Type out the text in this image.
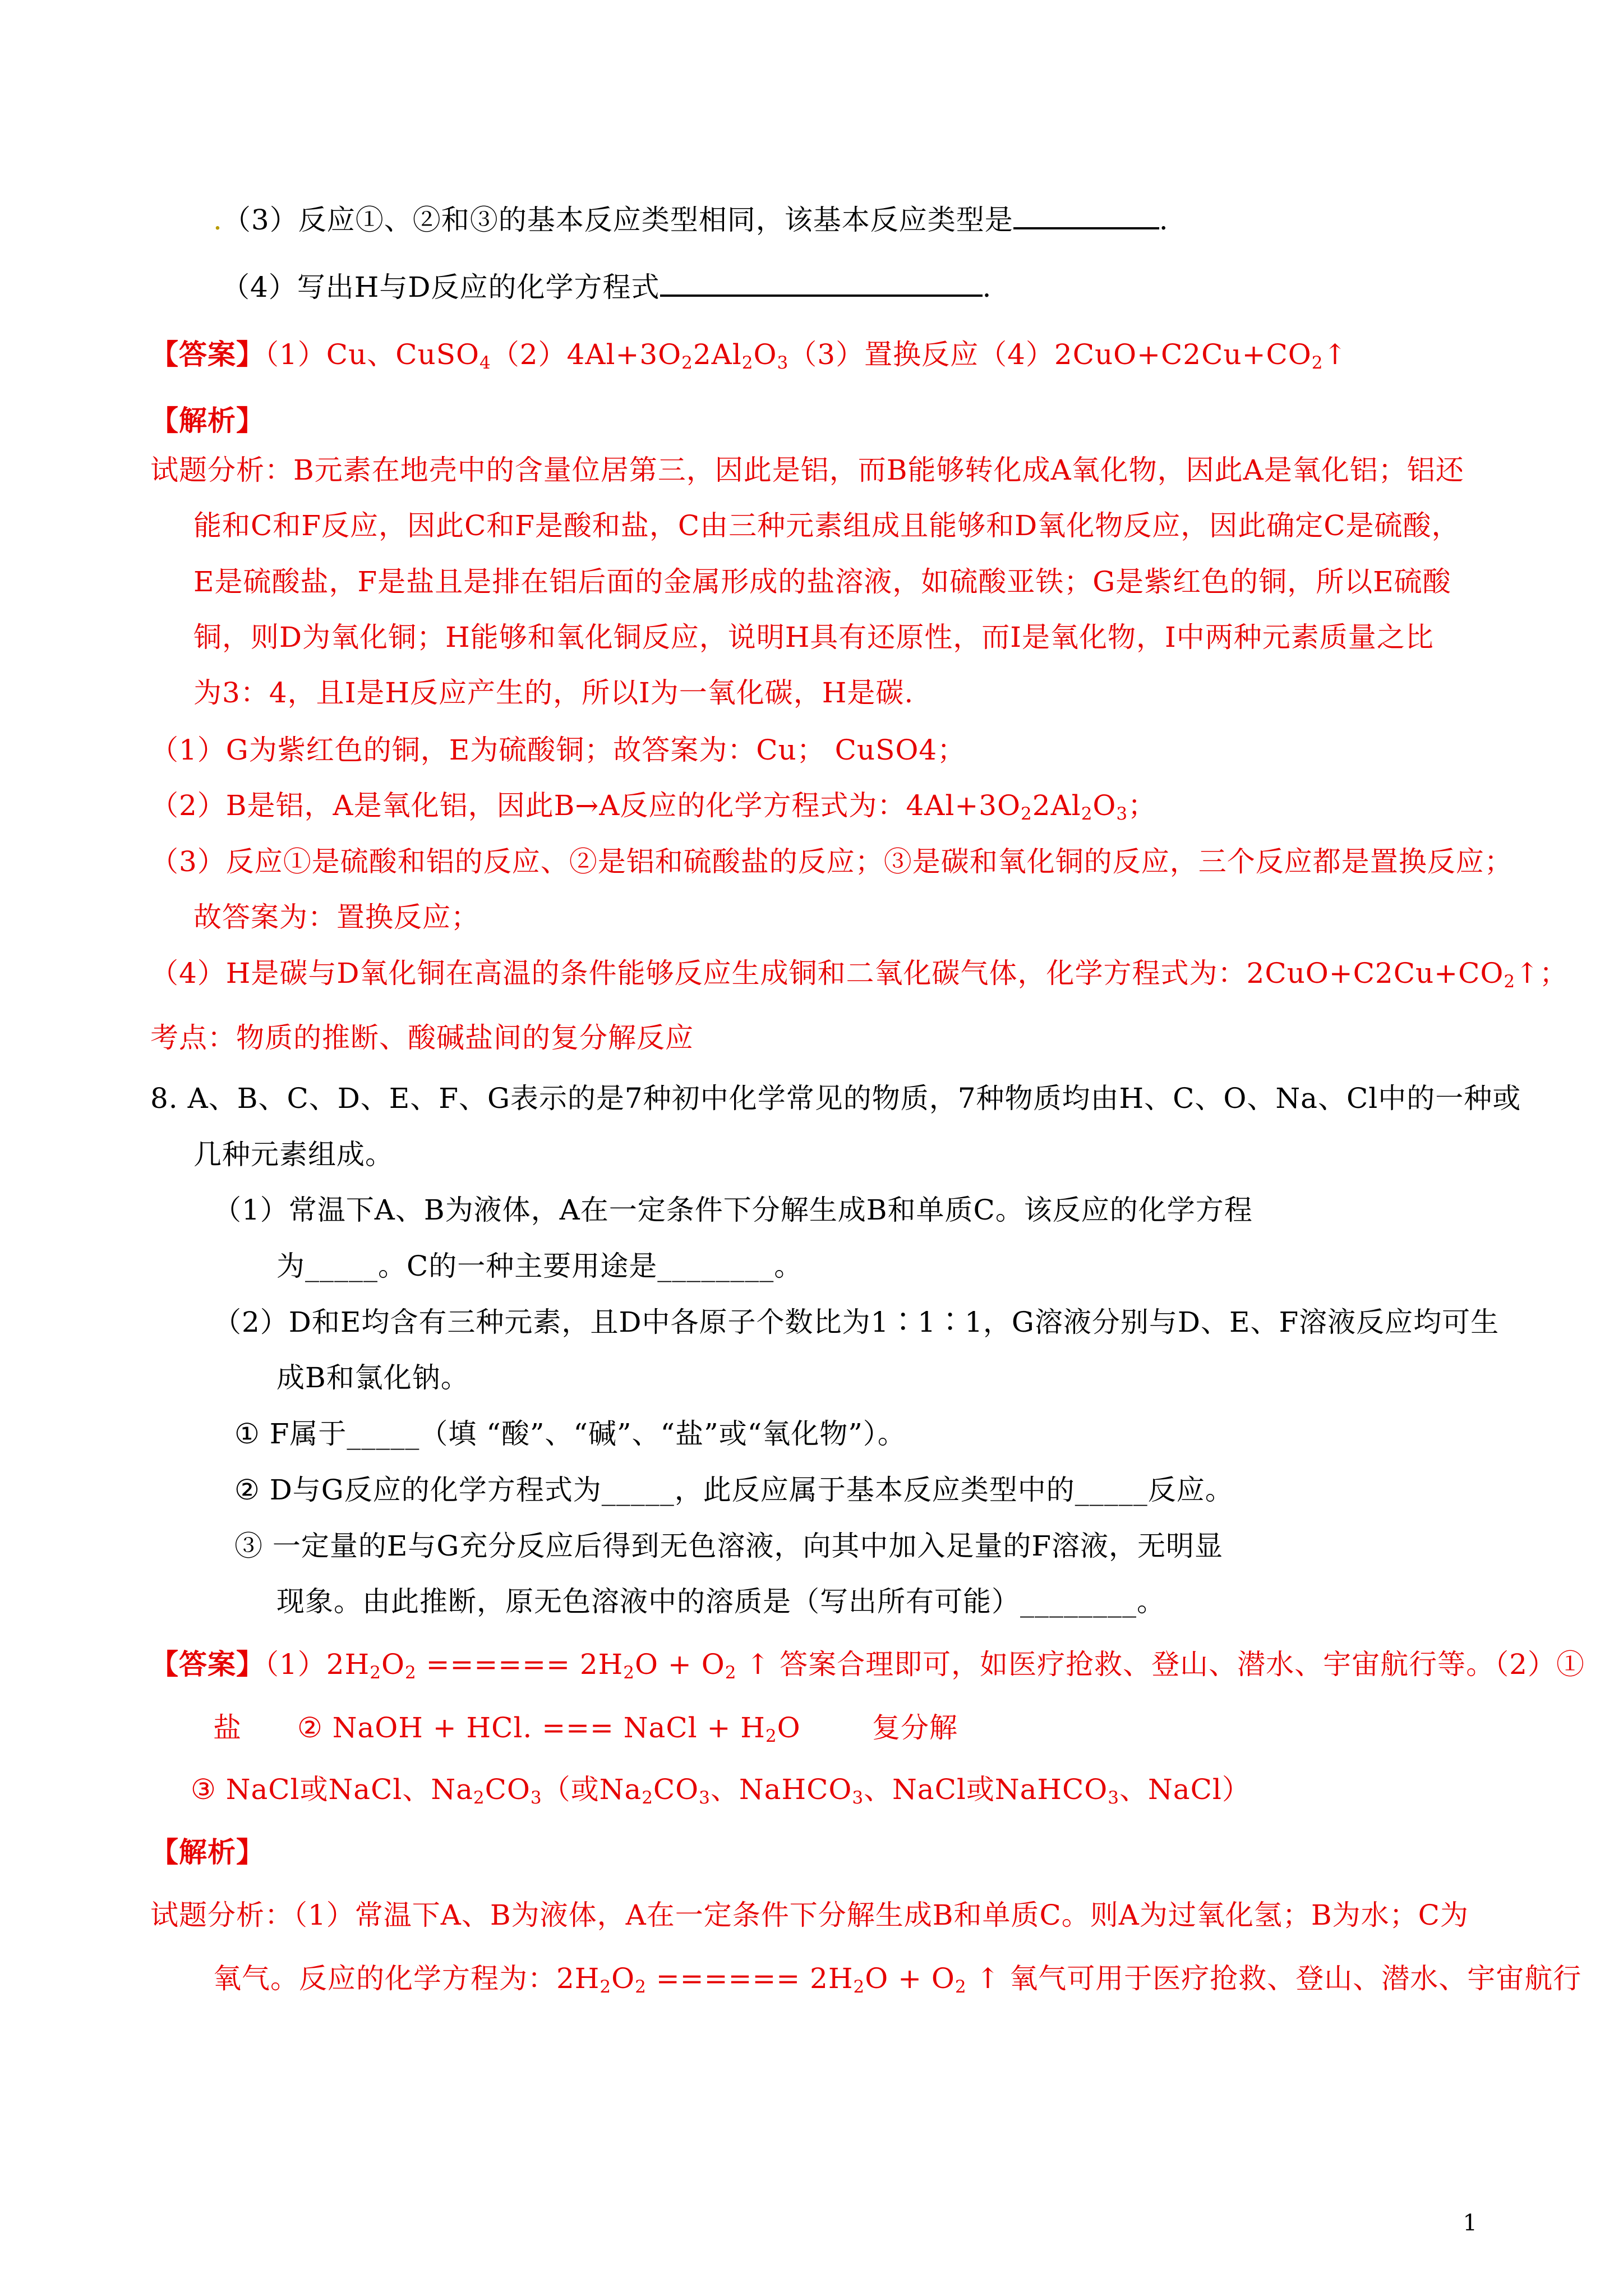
.（3）反应①、②和③的基本反应类型相同，该基本反应类型是	.
（4）写出H与D反应的化学方程式	.
【答案】（1）Cu、$CuSO_4(2)4Al+3O_22Al_2O_3(3)$置换反应$(4)2CuO+C2Cu+CO_2↑$
【解析】
试题分析：B元素在地壳中的含量位居第三，因此是铝，而B能够转化成A氧化物，因此A是氧化铝；铝还
能和C和F反应，因此C和F是酸和盐，C由三种元素组成且能够和D氧化物反应，因此确定C是硫酸，
E是硫酸盐，F是盐且是排在铝后面的金属形成的盐溶液，如硫酸亚铁；G是紫红色的铜，所以E硫酸
铜，则D为氧化铜；H能够和氧化铜反应，说明H具有还原性，而I是氧化物，I中两种元素质量之比
为3：4，且I是H反应产生的，所以I为一氧化碳，H是碳.
（1）G为紫红色的铜，E为硫酸铜；故答案为：Cu； CuSO4；
（2）B是铝，A是氧化铝，因此B→A反应的化学方程式为：$4Al+3O_22Al_2O_3$；
（3）反应①是硫酸和铝的反应、②是铝和硫酸盐的反应；③是碳和氧化铜的反应，三个反应都是置换反应；
故答案为：置换反应；
（4）H是碳与D氧化铜在高温的条件能够反应生成铜和二氧化碳气体，化学方程式为：$2CuO+C2Cu+CO_2↑$；
考点：物质的推断、酸碱盐间的复分解反应
8. A、B、C、D、E、F、G表示的是7种初中化学常见的物质，7种物质均由H、C、O、Na、Cl中的一种或
几种元素组成。
（1）常温下A、B为液体，A在一定条件下分解生成B和单质C。该反应的化学方程
为_____。C的一种主要用途是________。
（2）D和E均含有三种元素，且D中各原子个数比为1∶1∶1，G溶液分别与D、E、F溶液反应均可生
成B和氯化钠。
① F属于_____（填 “酸”、“碱”、“盐”或“氧化物”）。
② D与G反应的化学方程式为_____，此反应属于基本反应类型中的_____反应。
③ 一定量的E与G充分反应后得到无色溶液，向其中加入足量的F溶液，无明显
现象。由此推断，原无色溶液中的溶质是（写出所有可能）________。
【答案】$(1)2H_2O_2$ ====== $2H_2O + O_2$ ↑ 答案合理即可，如医疗抢救、登山、潜水、宇宙航行等。（2）①
盐 ② NaOH + HCl. === NaCl + $H_2O$	复分解
③ NaCl或NaCl、$Na_2CO_3$（或$Na_2CO_3$、NaHCO$_3$、NaCl或NaHCO$_3$、NaCl）
【解析】
试题分析：（1）常温下A、B为液体，A在一定条件下分解生成B和单质C。则A为过氧化氢；B为水；C为
氧气。反应的化学方程为：$2H_2O_2$ ====== $2H_2O + O_2$ ↑ 氧气可用于医疗抢救、登山、潜水、宇宙航行
1
